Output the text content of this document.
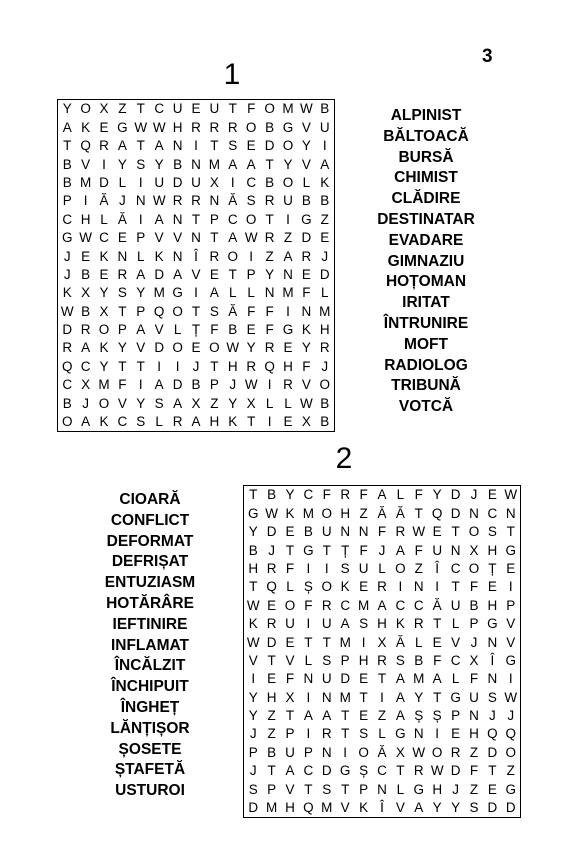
3
1
Y O X Z T C U E U T F O M W B
A K E G W W H R R R O B G V U
T Q R A T A N I T S E D O Y I
B V I Y S Y B N M A A T Y V A
B M D L I U D U X I C B O L K
P I Ă J N W R R N Ă S R U B B
C H L Ă I A N T P C O T I G Z
G W C E P V V N T A W R Z D E
J E K N L K N Î R O I Z A R J
J B E R A D A V E T P Y N E D
K X Y S Y M G I A L L N M F L
W B X T P Q O T S Ă F F I N M
D R O P A V L Ț F B E F G K H
R A K Y V D O E O W Y R E Y R
Q C Y T T I	I J T H R Q H F J
C X M F I A D B P J W I R V O
B J O V Y S A X Z Y X L L W B
O A K C S L R A H K T I E X B
ALPINIST
BĂLTOACĂ
BURSĂ
CHIMIST
CLĂDIRE
DESTINATAR
EVADARE
GIMNAZIU
HOȚOMAN
IRITAT
ÎNTRUNIRE
MOFT
RADIOLOG
TRIBUNĂ
VOTCĂ
2
T B Y C F R F A L F Y D J E W
G W K M O H Z Ă Ă T Q D N C N
Y D E B U N N F R W E T O S T
B J T G T Ț F J A F U N X H G
H R F I	I S U L O Z Î C O Ț E
T Q L Ș O K E R I N I T F E I
W E O F R C M A C C Ă U B H P
K R U I U A S H K R T L P G V
W D E T T M I X Ă L E V J N V
V T V L S P H R S B F C X Î G
I E F N U D E T A M A L F N I
Y H X I N M T I A Y T G U S W
Y Z T A A T E Z A Ș Ș P N J J
J Z P I R T S L G N I E H Q Q
P B U P N I O Ă X W O R Z D O
J T A C D G Ș C T R W D F T Z
S P V T S T P N L G H J Z E G
D M H Q M V K Î V A Y Y S D D
CIOARĂ
CONFLICT
DEFORMAT
DEFRIȘAT
ENTUZIASM
HOTĂRÂRE
IEFTINIRE
INFLAMAT
ÎNCĂLZIT
ÎNCHIPUIT
ÎNGHEȚ
LĂNȚIȘOR
ȘOSETE
ȘTAFETĂ
USTUROI
